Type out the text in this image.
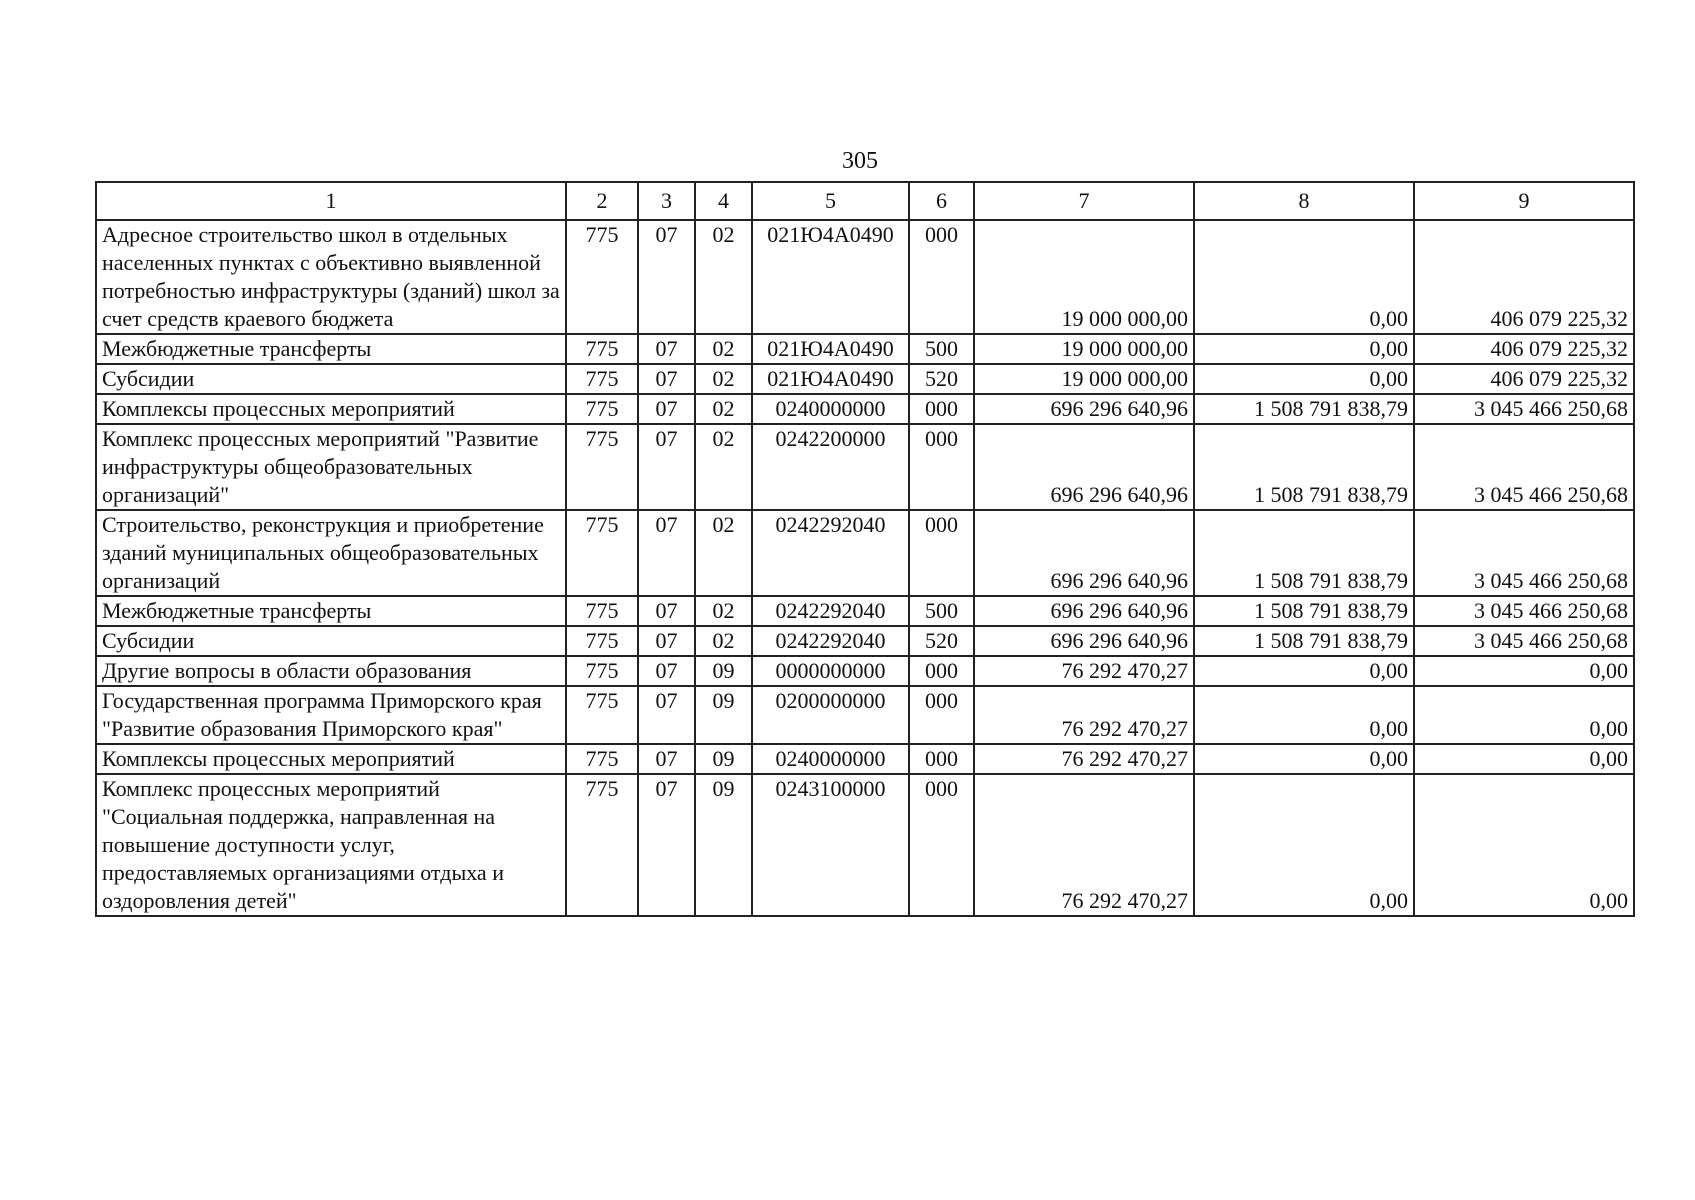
305
1	2	3	4	5	6	7	8	9
Адресное строительство школ в отдельных населенных пунктах с объективно выявленной потребностью инфраструктуры (зданий) школ за счет средств краевого бюджета	775	07	02	021Ю4А0490	000	19 000 000,00	0,00	406 079 225,32
Межбюджетные трансферты	775	07	02	021Ю4А0490	500	19 000 000,00	0,00	406 079 225,32
Субсидии	775	07	02	021Ю4А0490	520	19 000 000,00	0,00	406 079 225,32
Комплексы процессных мероприятий	775	07	02	0240000000	000	696 296 640,96	1 508 791 838,79	3 045 466 250,68
Комплекс процессных мероприятий "Развитие инфраструктуры общеобразовательных организаций"	775	07	02	0242200000	000	696 296 640,96	1 508 791 838,79	3 045 466 250,68
Строительство, реконструкция и приобретение зданий муниципальных общеобразовательных организаций	775	07	02	0242292040	000	696 296 640,96	1 508 791 838,79	3 045 466 250,68
Межбюджетные трансферты	775	07	02	0242292040	500	696 296 640,96	1 508 791 838,79	3 045 466 250,68
Субсидии	775	07	02	0242292040	520	696 296 640,96	1 508 791 838,79	3 045 466 250,68
Другие вопросы в области образования	775	07	09	0000000000	000	76 292 470,27	0,00	0,00
Государственная программа Приморского края "Развитие образования Приморского края"	775	07	09	0200000000	000	76 292 470,27	0,00	0,00
Комплексы процессных мероприятий	775	07	09	0240000000	000	76 292 470,27	0,00	0,00
Комплекс процессных мероприятий "Социальная поддержка, направленная на повышение доступности услуг, предоставляемых организациями отдыха и оздоровления детей"	775	07	09	0243100000	000	76 292 470,27	0,00	0,00
